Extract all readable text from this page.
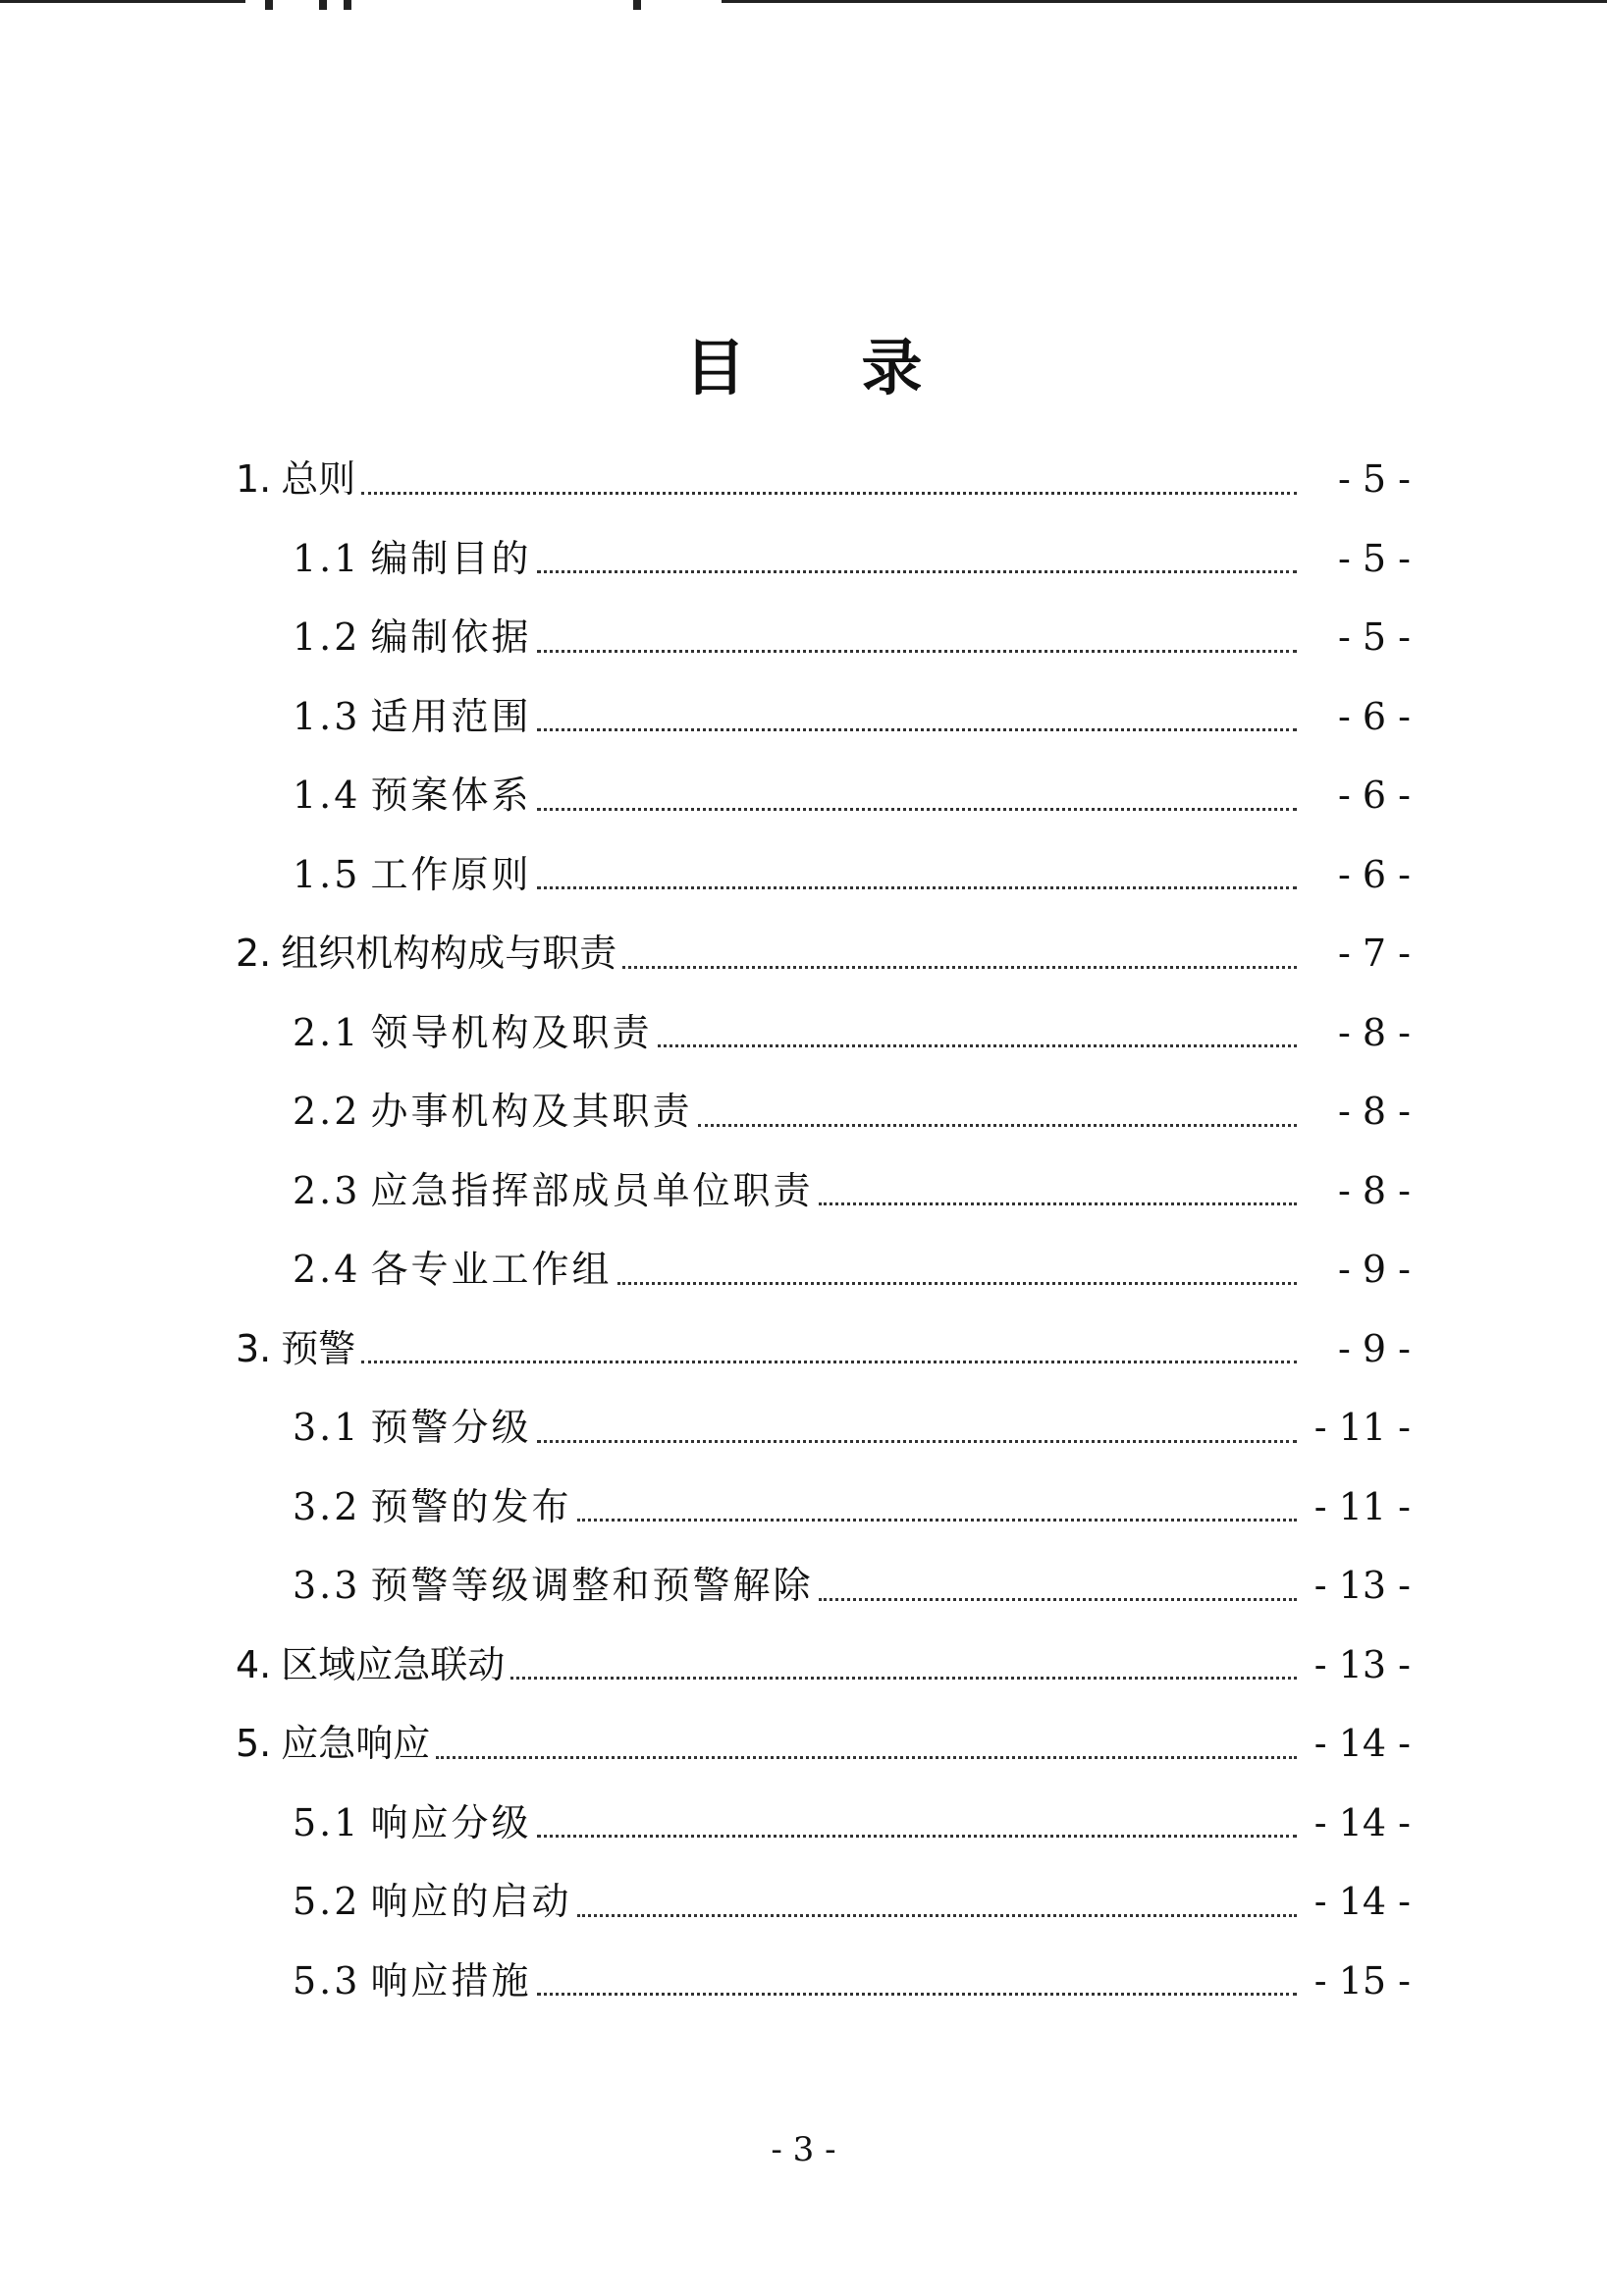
目 录
1. 总则	- 5 -
1.1 编制目的	- 5 -
1.2 编制依据	- 5 -
1.3 适用范围	- 6 -
1.4 预案体系	- 6 -
1.5 工作原则	- 6 -
2. 组织机构构成与职责	- 7 -
2.1 领导机构及职责	- 8 -
2.2 办事机构及其职责	- 8 -
2.3 应急指挥部成员单位职责	- 8 -
2.4 各专业工作组	- 9 -
3. 预警	- 9 -
3.1 预警分级	- 11 -
3.2 预警的发布	- 11 -
3.3 预警等级调整和预警解除	- 13 -
4. 区域应急联动	- 13 -
5. 应急响应	- 14 -
5.1 响应分级	- 14 -
5.2 响应的启动	- 14 -
5.3 响应措施	- 15 -
- 3 -
